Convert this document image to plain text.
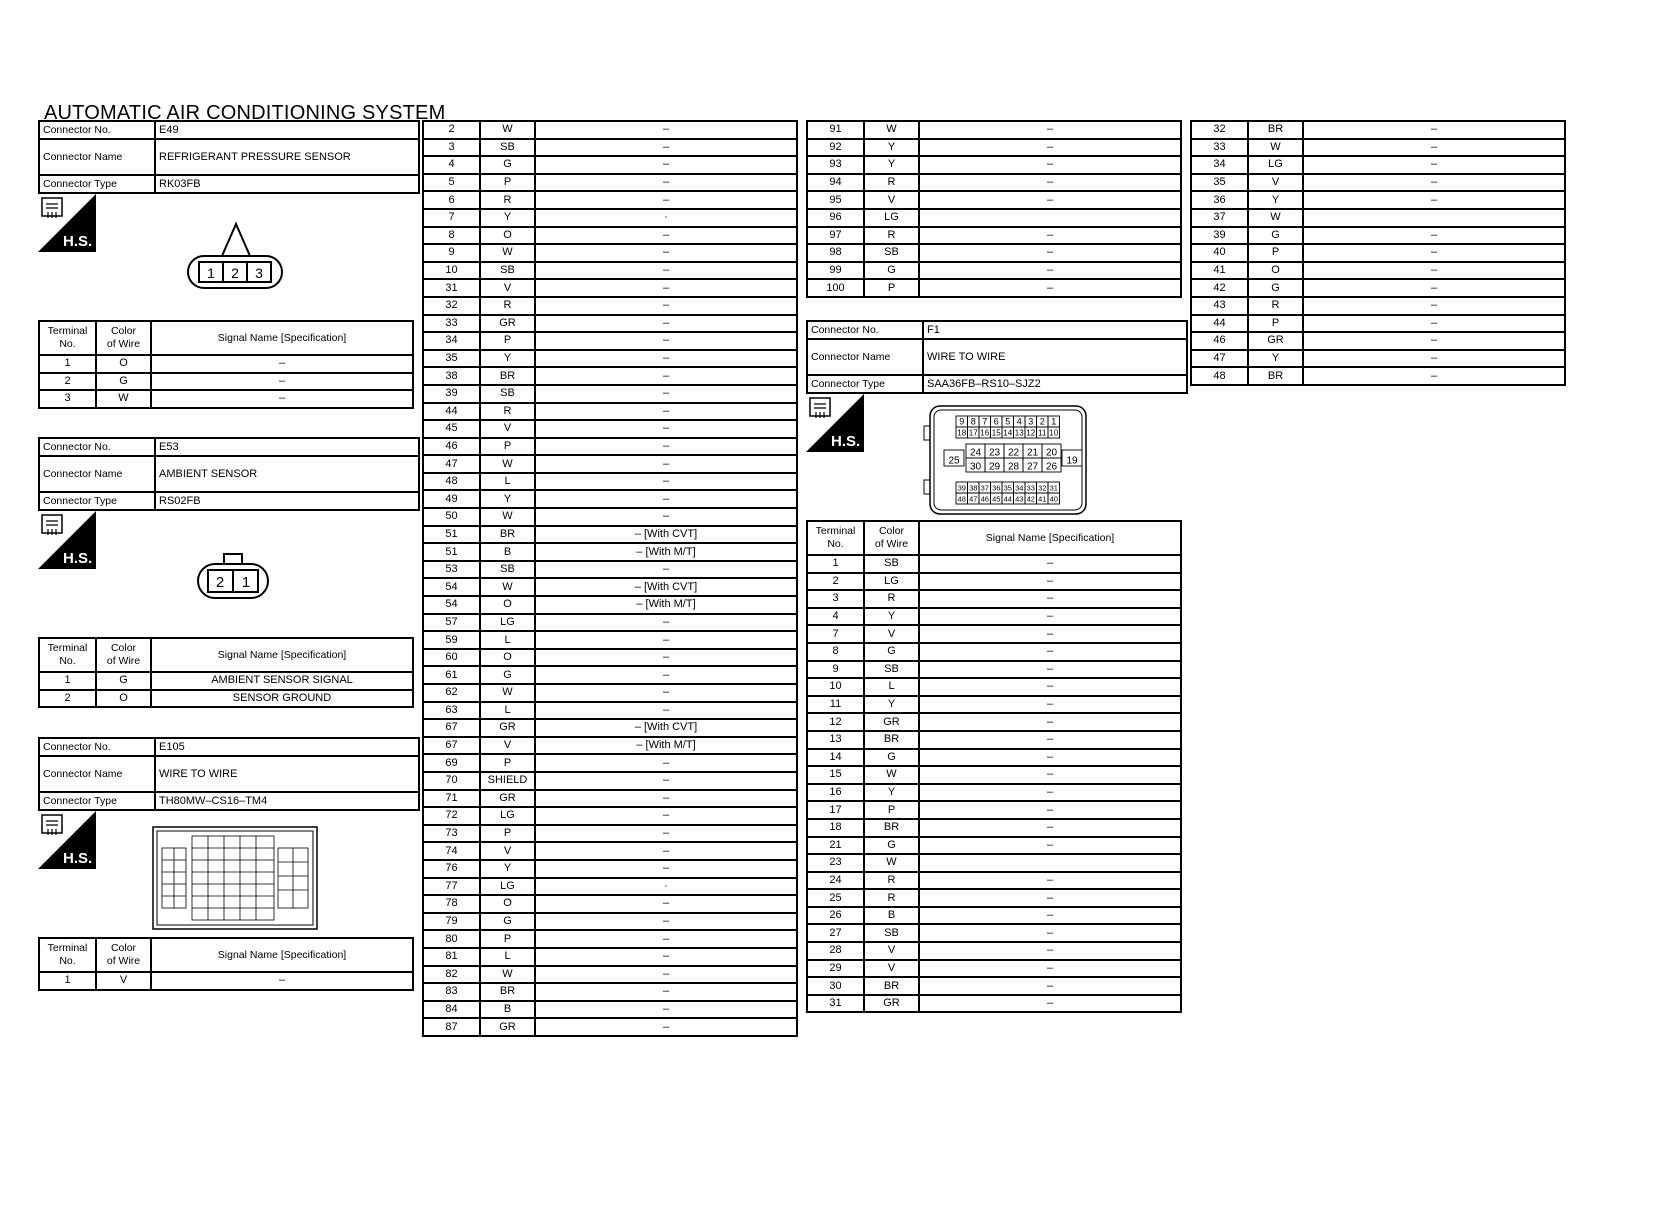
AUTOMATIC AIR CONDITIONING SYSTEM
Connector No.	E49
Connector Name	REFRIGERANT PRESSURE SENSOR
Connector Type	RK03FB
H.S.
1 2 3
Terminal
No.	Color
of Wire	Signal Name [Specification]
1	O	–
2	G	–
3	W	–
Connector No.	E53
Connector Name	AMBIENT SENSOR
Connector Type	RS02FB
H.S.
2 1
Terminal
No.	Color
of Wire	Signal Name [Specification]
1	G	AMBIENT SENSOR SIGNAL
2	O	SENSOR GROUND
Connector No.	E105
Connector Name	WIRE TO WIRE
Connector Type	TH80MW–CS16–TM4
H.S.
Terminal
No.	Color
of Wire	Signal Name [Specification]
1	V	–
2	W	–
3	SB	–
4	G	–
5	P	–
6	R	–
7	Y	·
8	O	–
9	W	–
10	SB	–
31	V	–
32	R	–
33	GR	–
34	P	–
35	Y	–
38	BR	–
39	SB	–
44	R	–
45	V	–
46	P	–
47	W	–
48	L	–
49	Y	–
50	W	–
51	BR	– [With CVT]
51	B	– [With M/T]
53	SB	–
54	W	– [With CVT]
54	O	– [With M/T]
57	LG	–
59	L	–
60	O	–
61	G	–
62	W	–
63	L	–
67	GR	– [With CVT]
67	V	– [With M/T]
69	P	–
70	SHIELD	–
71	GR	–
72	LG	–
73	P	–
74	V	–
76	Y	–
77	LG	·
78	O	–
79	G	–
80	P	–
81	L	–
82	W	–
83	BR	–
84	B	–
87	GR	–
91	W	–
92	Y	–
93	Y	–
94	R	–
95	V	–
96	LG	
97	R	–
98	SB	–
99	G	–
100	P	–
Connector No.	F1
Connector Name	WIRE TO WIRE
Connector Type	SAA36FB–RS10–SJZ2
H.S.
9 8 7 6 5 4 3 2 1
18 17 16 15 14 13 12 11 10
24 23 22 21 20
30 29 28 27 26
25	19
39 38 37 36 35 34 33 32 31
48 47 46 45 44 43 42 41 40
Terminal
No.	Color
of Wire	Signal Name [Specification]
1	SB	–
2	LG	–
3	R	–
4	Y	–
7	V	–
8	G	–
9	SB	–
10	L	–
11	Y	–
12	GR	–
13	BR	–
14	G	–
15	W	–
16	Y	–
17	P	–
18	BR	–
21	G	–
23	W	
24	R	–
25	R	–
26	B	–
27	SB	–
28	V	–
29	V	–
30	BR	–
31	GR	–
32	BR	–
33	W	–
34	LG	–
35	V	–
36	Y	–
37	W	
39	G	–
40	P	–
41	O	–
42	G	–
43	R	–
44	P	–
46	GR	–
47	Y	–
48	BR	–
